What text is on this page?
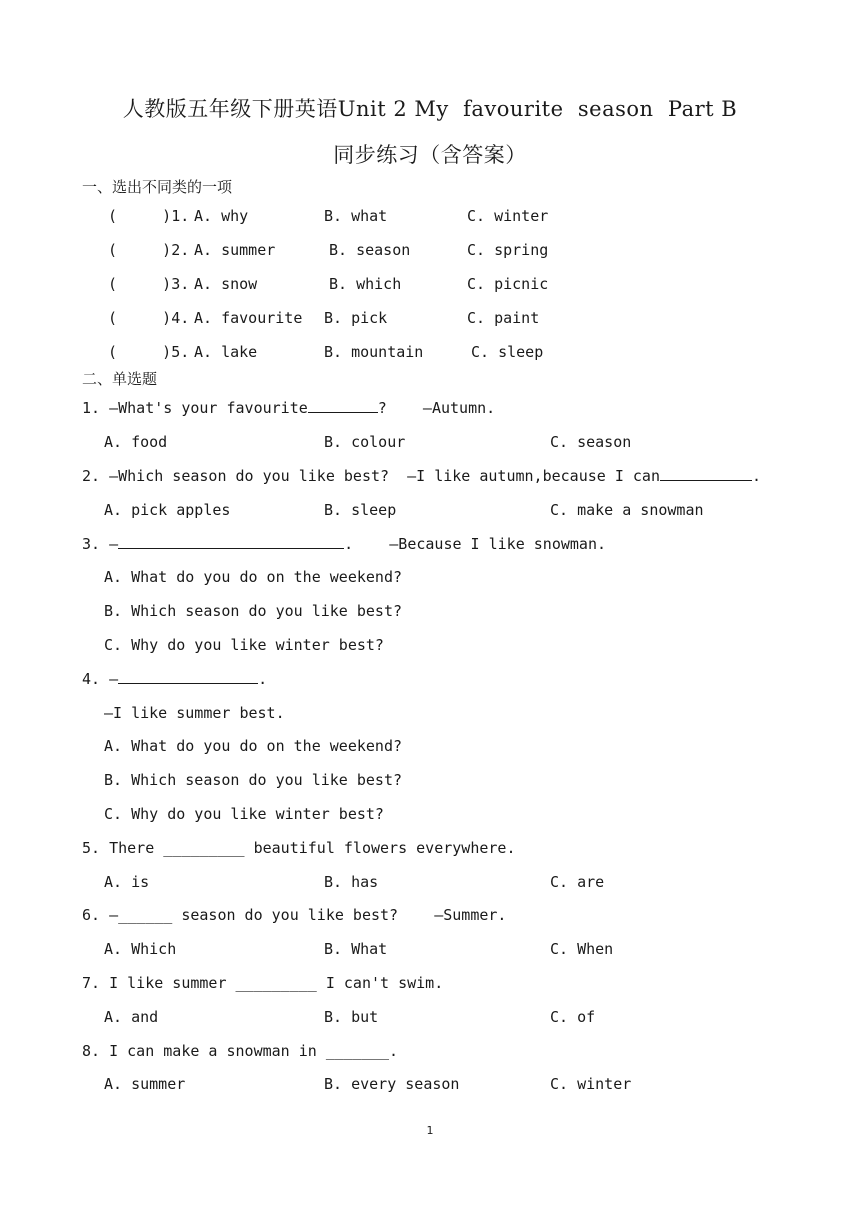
人教版五年级下册英语Unit 2 My  favourite  season  Part B
同步练习（含答案）
一、选出不同类的一项
(     )1. A. why	B. what	C. winter
(     )2. A. summer	B. season	C. spring
(     )3. A. snow	B. which	C. picnic
(     )4. A. favourite B. pick	C. paint
(     )5. A. lake	B. mountain	C. sleep
二、单选题
1. —What's your favourite	?    —Autumn.
A. food	B. colour	C. season
2. —Which season do you like best?  —I like autumn,because I can	.
A. pick apples	B. sleep	C. make a snowman
3. —	.    —Because I like snowman.
A. What do you do on the weekend?
B. Which season do you like best?
C. Why do you like winter best?
4. —	.
—I like summer best.
A. What do you do on the weekend?
B. Which season do you like best?
C. Why do you like winter best?
5. There _________ beautiful flowers everywhere.
A. is	B. has	C. are
6. —______ season do you like best?    —Summer.
A. Which	B. What	C. When
7. I like summer _________ I can't swim.
A. and	B. but	C. of
8. I can make a snowman in _______.
A. summer	B. every season	C. winter
1
